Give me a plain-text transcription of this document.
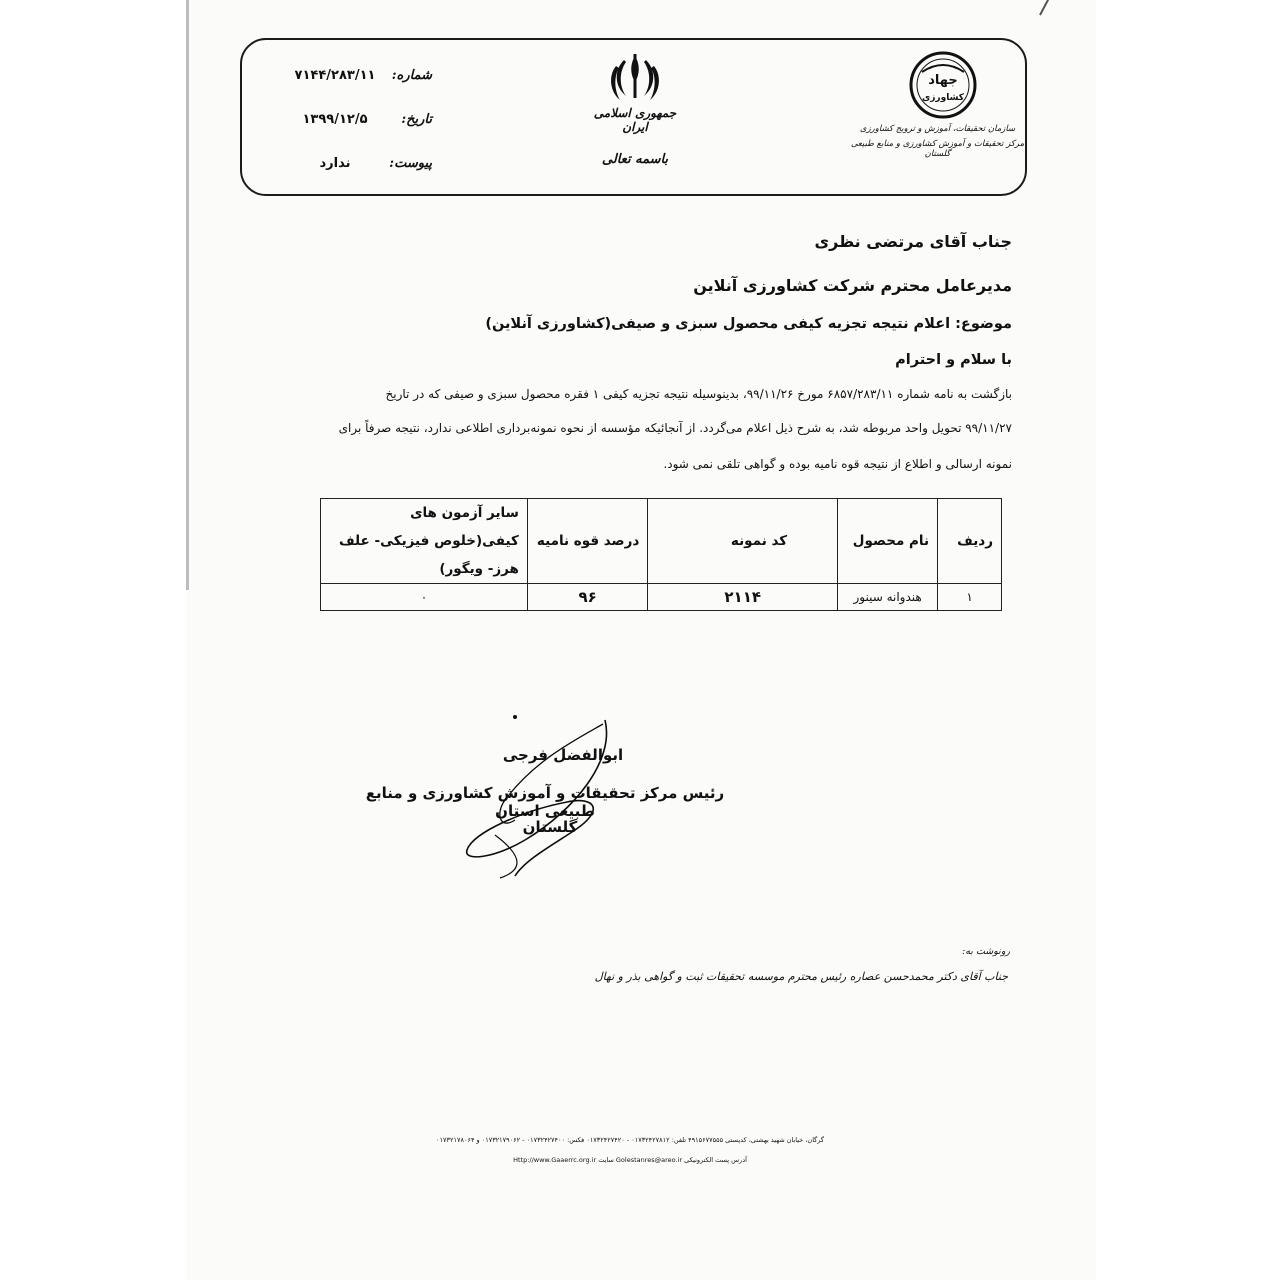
شماره:
۷۱۴۴/۲۸۳/۱۱
تاریخ:
۱۳۹۹/۱۲/۵
پیوست:
ندارد
جمهوری اسلامی ایران
باسمه تعالی
جهاد
کشاورزی
سازمان تحقیقات، آموزش و ترویج کشاورزی
مرکز تحقیقات و آموزش کشاورزی و منابع طبیعی گلستان
جناب آقای مرتضی نظری
مدیرعامل محترم شرکت کشاورزی آنلاین
موضوع: اعلام نتیجه تجزیه کیفی محصول سبزی و صیفی(کشاورزی آنلاین)
با سلام و احترام
بازگشت به نامه شماره ۶۸۵۷/۲۸۳/۱۱ مورخ ۹۹/۱۱/۲۶، بدینوسیله نتیجه تجزیه کیفی ۱ فقره محصول سبزی و صیفی که در تاریخ
۹۹/۱۱/۲۷ تحویل واحد مربوطه شد، به شرح ذیل اعلام می‌گردد. از آنجائیکه مؤسسه از نحوه نمونه‌برداری اطلاعی ندارد، نتیجه صرفاً برای
نمونه ارسالی و اطلاع از نتیجه قوه نامیه بوده و گواهی تلقی نمی شود.
ردیف	نام محصول	کد نمونه	درصد قوه نامیه	سایر آزمون های کیفی(خلوص فیزیکی- علف هرز- ویگور)
۱	هندوانه سینور	۲۱۱۴	۹۶	۰
ابوالفضل فرجی
رئیس مرکز تحقیقات و آموزش کشاورزی و منابع طبیعی استان
گلستان
رونوشت به:
جناب آقای دکتر محمدحسن عصاره رئیس محترم موسسه تحقیقات ثبت و گواهی بذر و نهال
گرگان، خیابان شهید بهشتی، کدپستی ۴۹۱۵۶۷۷۵۵۵ تلفن: ۰۱۷۳۲۴۲۷۸۱۲ - ۰۱۷۳۲۴۲۷۴۲۰ فکس: ۰۱۷۳۲۴۲۷۴۰۰ - ۰۱۷۳۲۱۷۹۰۶۲ و ۰۱۷۳۲۱۷۸۰۶۴
Http://www.Gaaerrc.org.ir سایت Golestanres@areo.ir آدرس پست الکترونیکی
